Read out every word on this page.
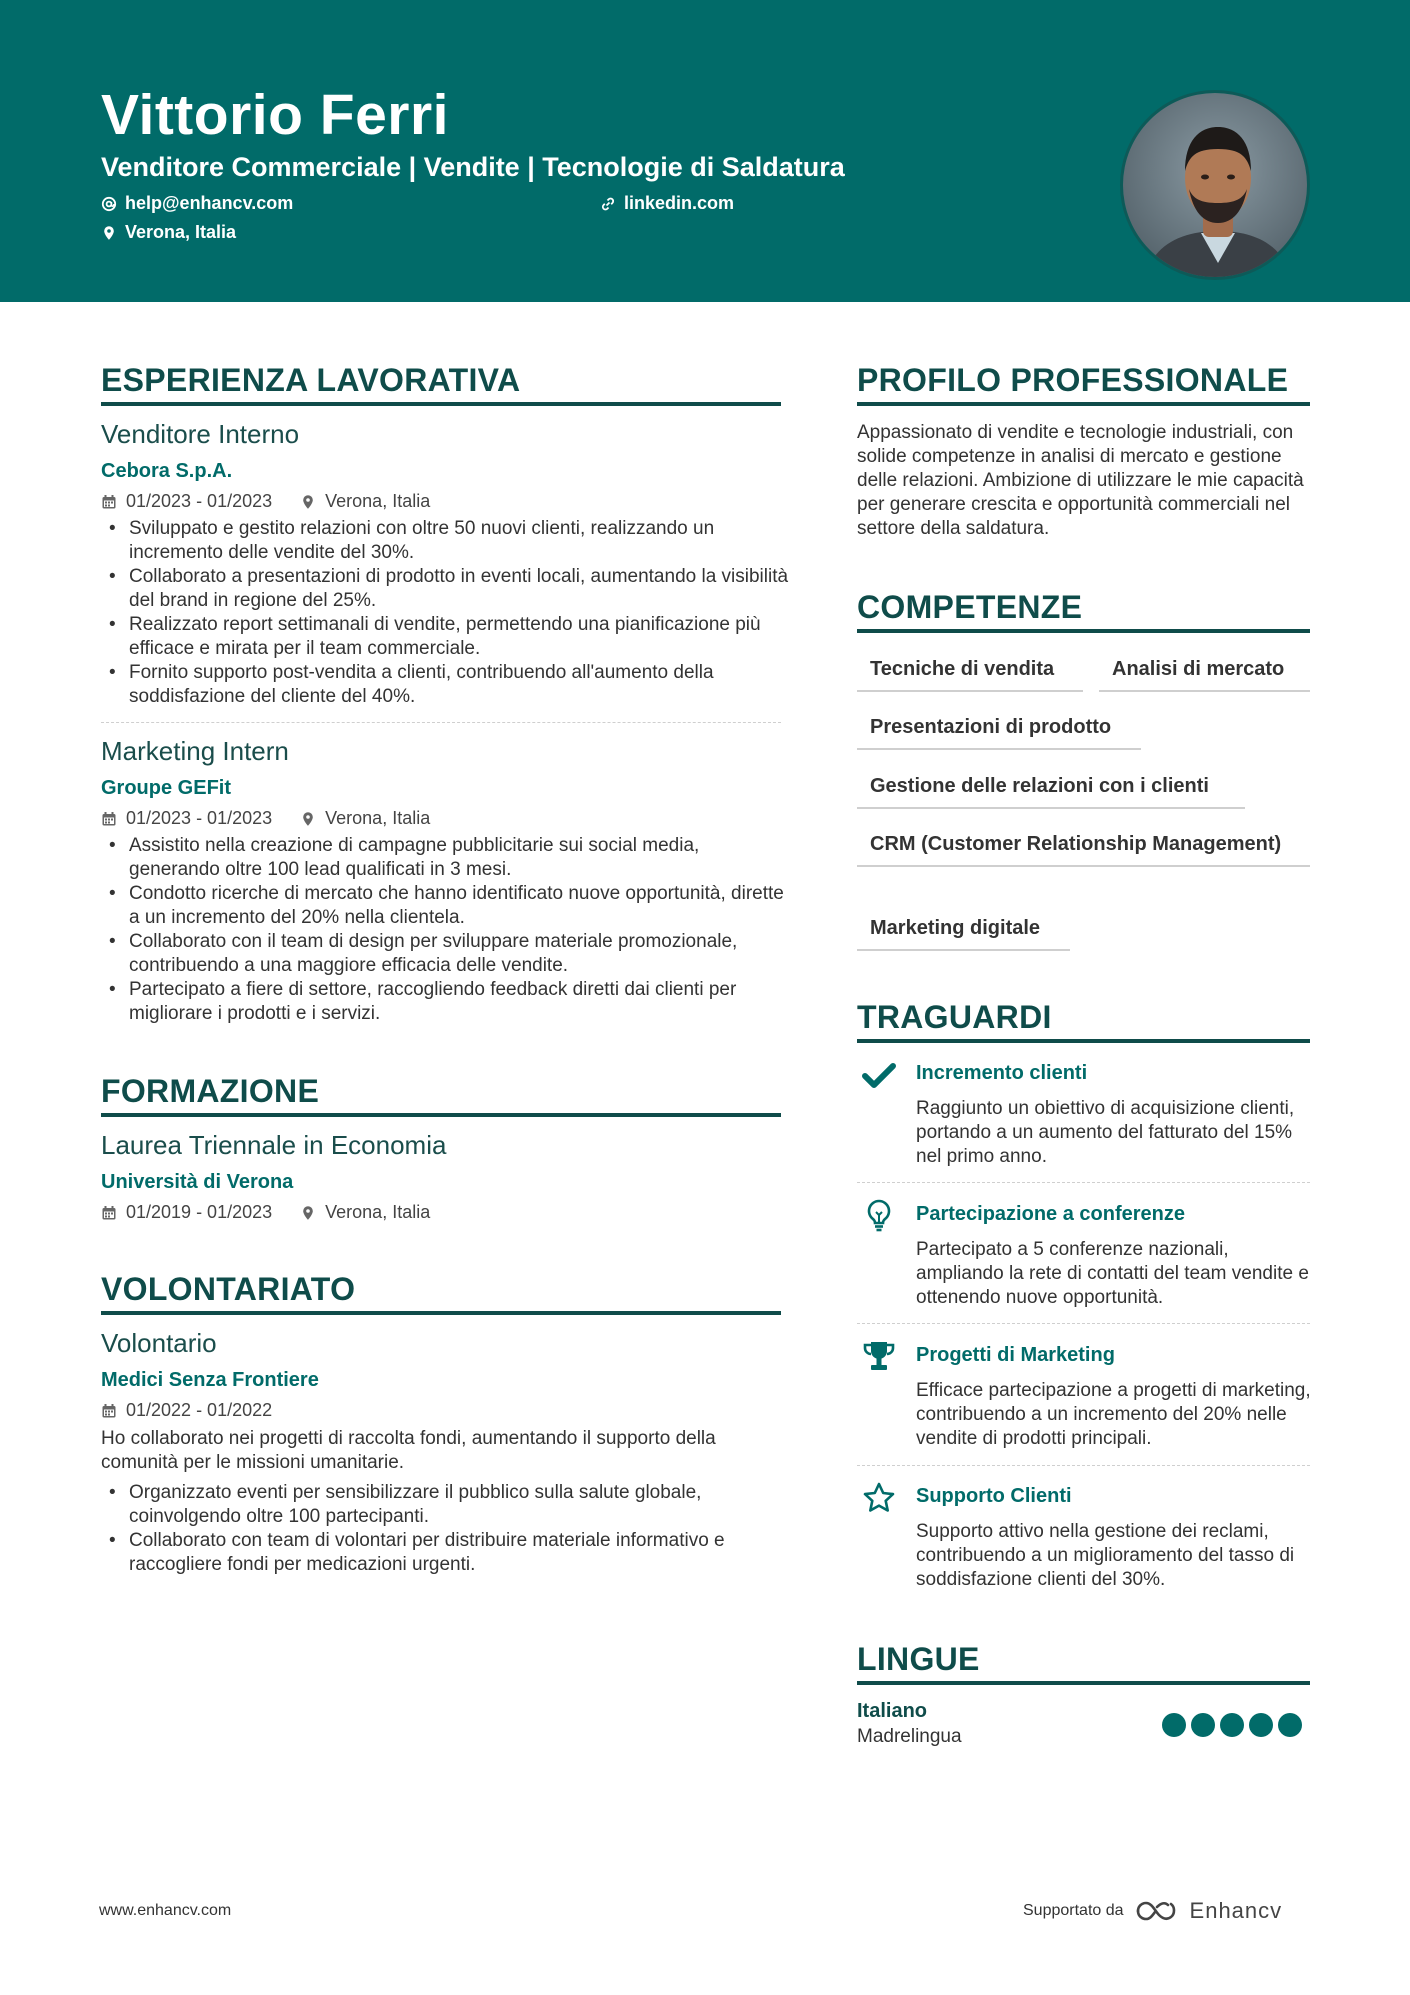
Vittorio Ferri
Venditore Commerciale | Vendite | Tecnologie di Saldatura
help@enhancv.com	linkedin.com
Verona, Italia
ESPERIENZA LAVORATIVA
Venditore Interno
Cebora S.p.A.
01/2023 - 01/2023	Verona, Italia
• Sviluppato e gestito relazioni con oltre 50 nuovi clienti, realizzando un incremento delle vendite del 30%.
• Collaborato a presentazioni di prodotto in eventi locali, aumentando la visibilità del brand in regione del 25%.
• Realizzato report settimanali di vendite, permettendo una pianificazione più efficace e mirata per il team commerciale.
• Fornito supporto post-vendita a clienti, contribuendo all'aumento della soddisfazione del cliente del 40%.
Marketing Intern
Groupe GEFit
01/2023 - 01/2023	Verona, Italia
• Assistito nella creazione di campagne pubblicitarie sui social media, generando oltre 100 lead qualificati in 3 mesi.
• Condotto ricerche di mercato che hanno identificato nuove opportunità, dirette a un incremento del 20% nella clientela.
• Collaborato con il team di design per sviluppare materiale promozionale, contribuendo a una maggiore efficacia delle vendite.
• Partecipato a fiere di settore, raccogliendo feedback diretti dai clienti per migliorare i prodotti e i servizi.
FORMAZIONE
Laurea Triennale in Economia
Università di Verona
01/2019 - 01/2023	Verona, Italia
VOLONTARIATO
Volontario
Medici Senza Frontiere
01/2022 - 01/2022
Ho collaborato nei progetti di raccolta fondi, aumentando il supporto della comunità per le missioni umanitarie.
• Organizzato eventi per sensibilizzare il pubblico sulla salute globale, coinvolgendo oltre 100 partecipanti.
• Collaborato con team di volontari per distribuire materiale informativo e raccogliere fondi per medicazioni urgenti.
PROFILO PROFESSIONALE
Appassionato di vendite e tecnologie industriali, con solide competenze in analisi di mercato e gestione delle relazioni. Ambizione di utilizzare le mie capacità per generare crescita e opportunità commerciali nel settore della saldatura.
COMPETENZE
Tecniche di vendita	Analisi di mercato
Presentazioni di prodotto
Gestione delle relazioni con i clienti
CRM (Customer Relationship Management)
Marketing digitale
TRAGUARDI
Incremento clienti
Raggiunto un obiettivo di acquisizione clienti, portando a un aumento del fatturato del 15% nel primo anno.
Partecipazione a conferenze
Partecipato a 5 conferenze nazionali, ampliando la rete di contatti del team vendite e ottenendo nuove opportunità.
Progetti di Marketing
Efficace partecipazione a progetti di marketing, contribuendo a un incremento del 20% nelle vendite di prodotti principali.
Supporto Clienti
Supporto attivo nella gestione dei reclami, contribuendo a un miglioramento del tasso di soddisfazione clienti del 30%.
LINGUE
Italiano
Madrelingua
www.enhancv.com	Supportato da	Enhancv
